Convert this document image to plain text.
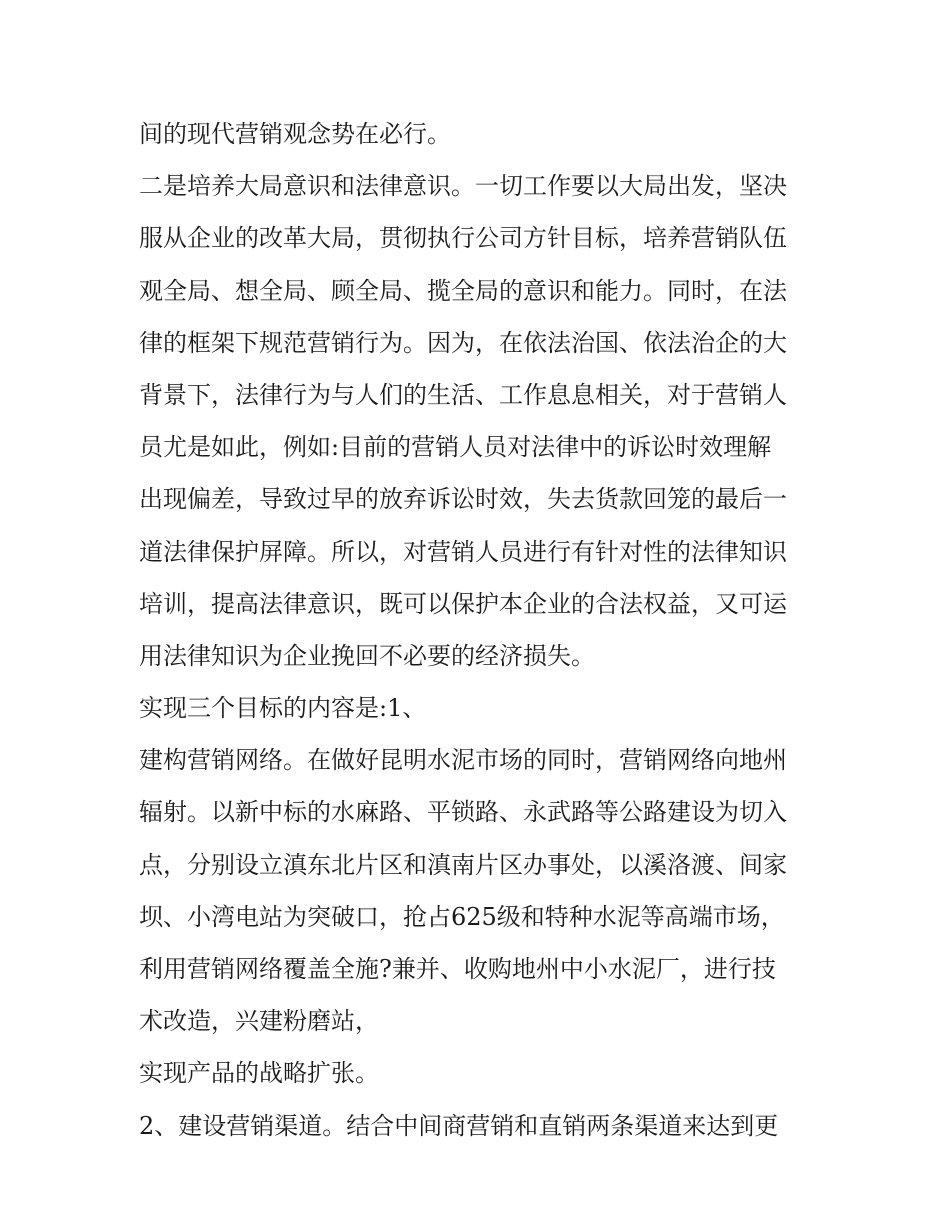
间的现代营销观念势在必行。
二是培养大局意识和法律意识。一切工作要以大局出发，坚决
服从企业的改革大局，贯彻执行公司方针目标，培养营销队伍
观全局、想全局、顾全局、揽全局的意识和能力。同时，在法
律的框架下规范营销行为。因为，在依法治国、依法治企的大
背景下，法律行为与人们的生活、工作息息相关，对于营销人
员尤是如此，例如:目前的营销人员对法律中的诉讼时效理解
出现偏差，导致过早的放弃诉讼时效，失去货款回笼的最后一
道法律保护屏障。所以，对营销人员进行有针对性的法律知识
培训，提高法律意识，既可以保护本企业的合法权益，又可运
用法律知识为企业挽回不必要的经济损失。
实现三个目标的内容是:1、
建构营销网络。在做好昆明水泥市场的同时，营销网络向地州
辐射。以新中标的水麻路、平锁路、永武路等公路建设为切入
点，分别设立滇东北片区和滇南片区办事处，以溪洛渡、间家
坝、小湾电站为突破口，抢占625级和特种水泥等高端市场，
利用营销网络覆盖全施?兼并、收购地州中小水泥厂，进行技
术改造，兴建粉磨站，
实现产品的战略扩张。
2、建设营销渠道。结合中间商营销和直销两条渠道来达到更
